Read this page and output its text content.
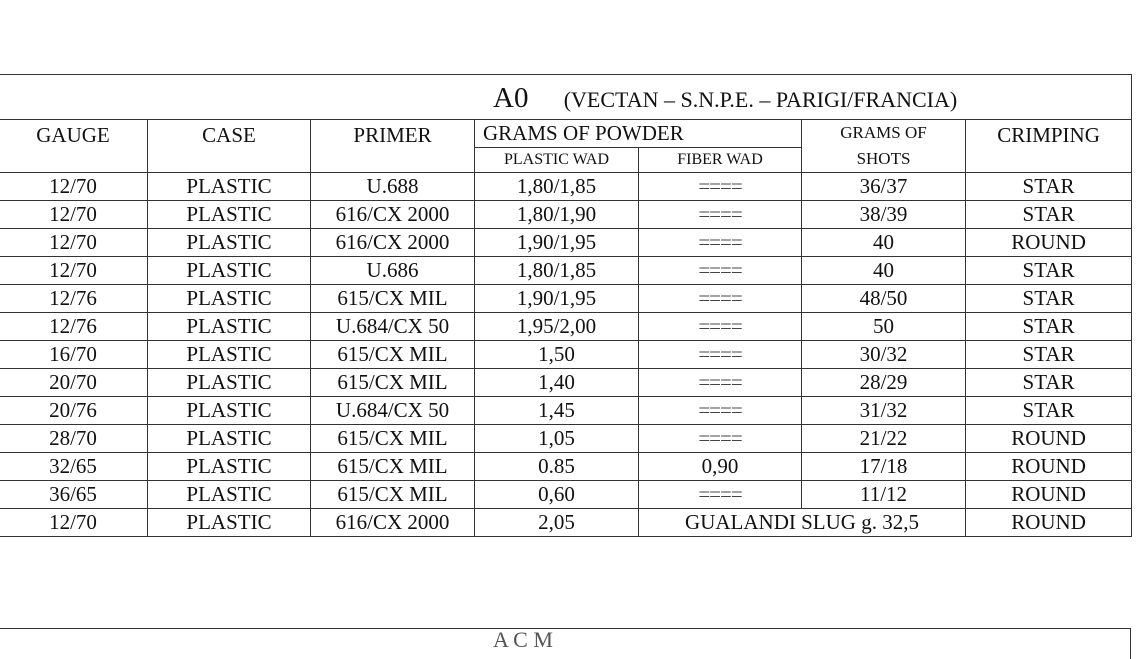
A0 (VECTAN – S.N.P.E. – PARIGI/FRANCIA)						
GAUGE	CASE	PRIMER	GRAMS OF POWDER		GRAMS OF
SHOTS	CRIMPING
			PLASTIC WAD	FIBER WAD		
12/70	PLASTIC	U.688	1,80/1,85	====	36/37	STAR
12/70	PLASTIC	616/CX 2000	1,80/1,90	====	38/39	STAR
12/70	PLASTIC	616/CX 2000	1,90/1,95	====	40	ROUND
12/70	PLASTIC	U.686	1,80/1,85	====	40	STAR
12/76	PLASTIC	615/CX MIL	1,90/1,95	====	48/50	STAR
12/76	PLASTIC	U.684/CX 50	1,95/2,00	====	50	STAR
16/70	PLASTIC	615/CX MIL	1,50	====	30/32	STAR
20/70	PLASTIC	615/CX MIL	1,40	====	28/29	STAR
20/76	PLASTIC	U.684/CX 50	1,45	====	31/32	STAR
28/70	PLASTIC	615/CX MIL	1,05	====	21/22	ROUND
32/65	PLASTIC	615/CX MIL	0.85	0,90	17/18	ROUND
36/65	PLASTIC	615/CX MIL	0,60	====	11/12	ROUND
12/70	PLASTIC	616/CX 2000	2,05	GUALANDI SLUG g. 32,5		ROUND
A C M
